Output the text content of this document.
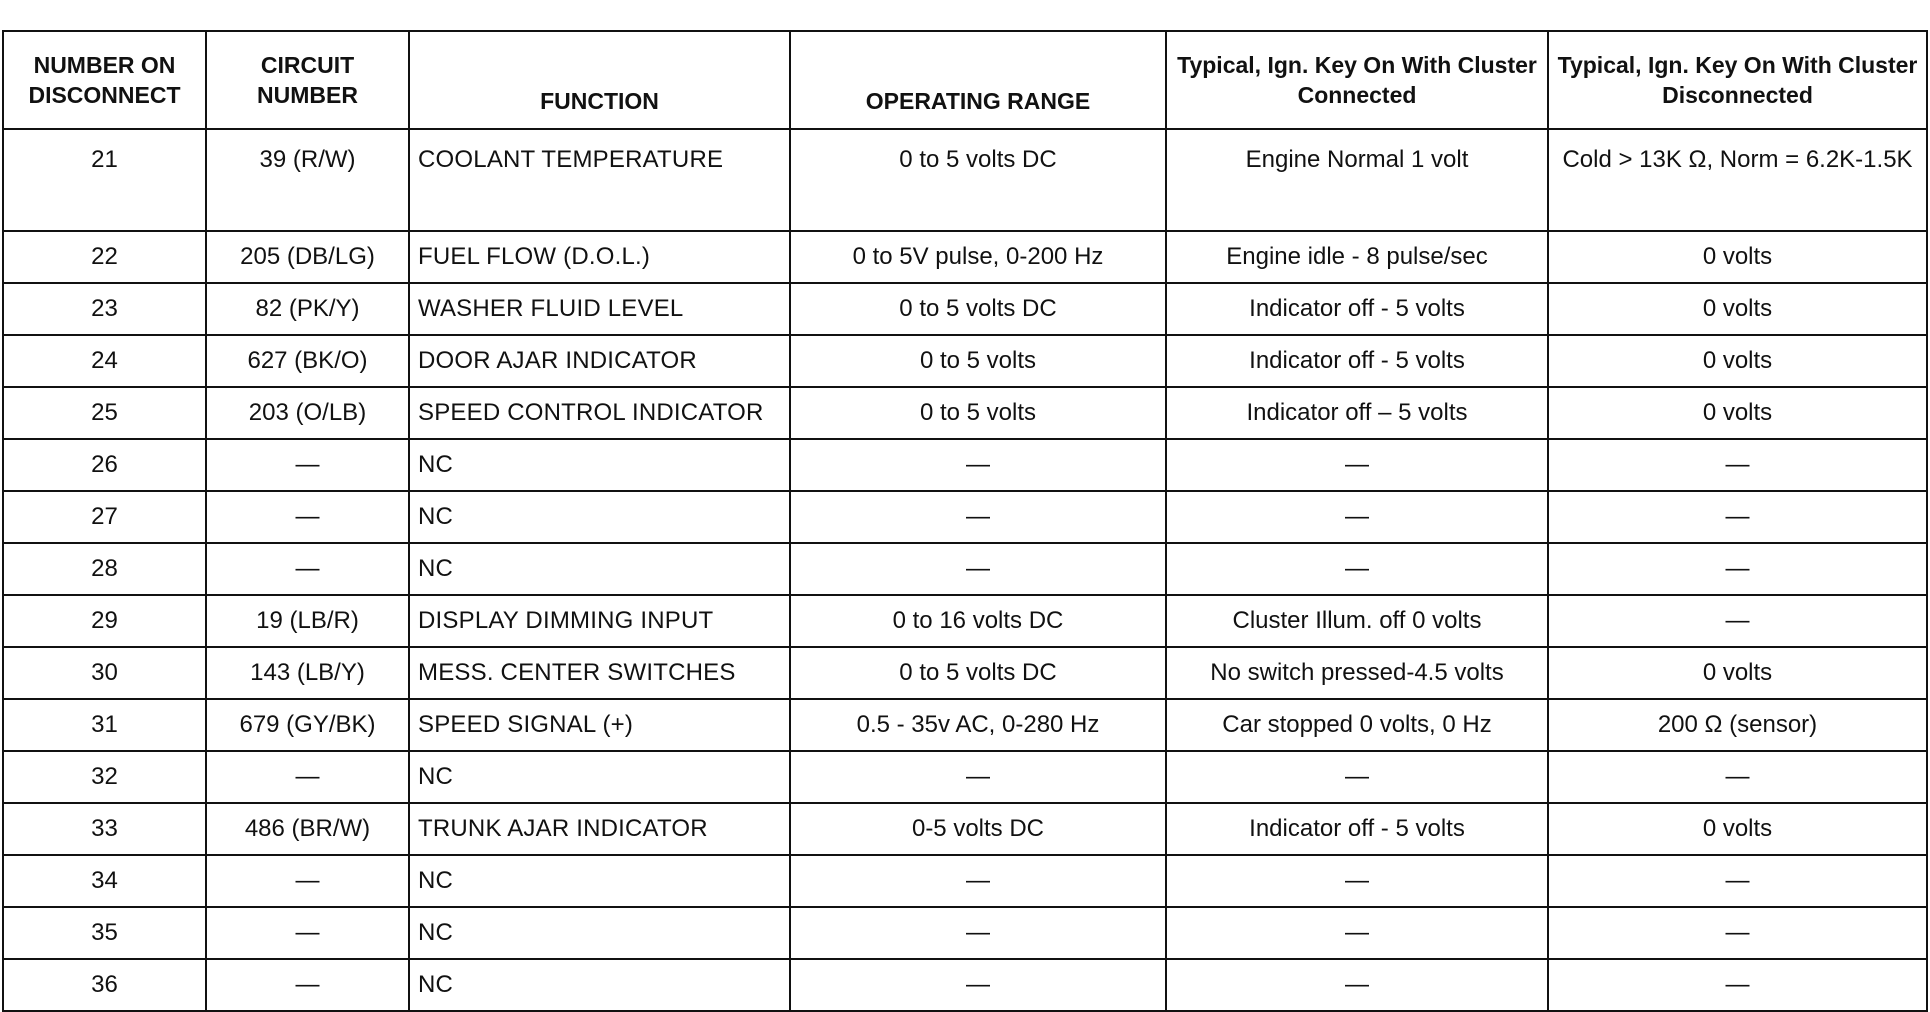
NUMBER ON DISCONNECT	CIRCUIT NUMBER	FUNCTION	OPERATING RANGE	Typical, Ign. Key On With Cluster Connected	Typical, Ign. Key On With Cluster Disconnected
21	39 (R/W)	COOLANT TEMPERATURE	0 to 5 volts DC	Engine Normal 1 volt	Cold > 13K Ω, Norm = 6.2K-1.5K
22	205 (DB/LG)	FUEL FLOW (D.O.L.)	0 to 5V pulse, 0-200 Hz	Engine idle - 8 pulse/sec	0 volts
23	82 (PK/Y)	WASHER FLUID LEVEL	0 to 5 volts DC	Indicator off - 5 volts	0 volts
24	627 (BK/O)	DOOR AJAR INDICATOR	0 to 5 volts	Indicator off - 5 volts	0 volts
25	203 (O/LB)	SPEED CONTROL INDICATOR	0 to 5 volts	Indicator off – 5 volts	0 volts
26	—	NC	—	—	—
27	—	NC	—	—	—
28	—	NC	—	—	—
29	19 (LB/R)	DISPLAY DIMMING INPUT	0 to 16 volts DC	Cluster Illum. off 0 volts	—
30	143 (LB/Y)	MESS. CENTER SWITCHES	0 to 5 volts DC	No switch pressed-4.5 volts	0 volts
31	679 (GY/BK)	SPEED SIGNAL (+)	0.5 - 35v AC, 0-280 Hz	Car stopped 0 volts, 0 Hz	200 Ω (sensor)
32	—	NC	—	—	—
33	486 (BR/W)	TRUNK AJAR INDICATOR	0-5 volts DC	Indicator off - 5 volts	0 volts
34	—	NC	—	—	—
35	—	NC	—	—	—
36	—	NC	—	—	—
